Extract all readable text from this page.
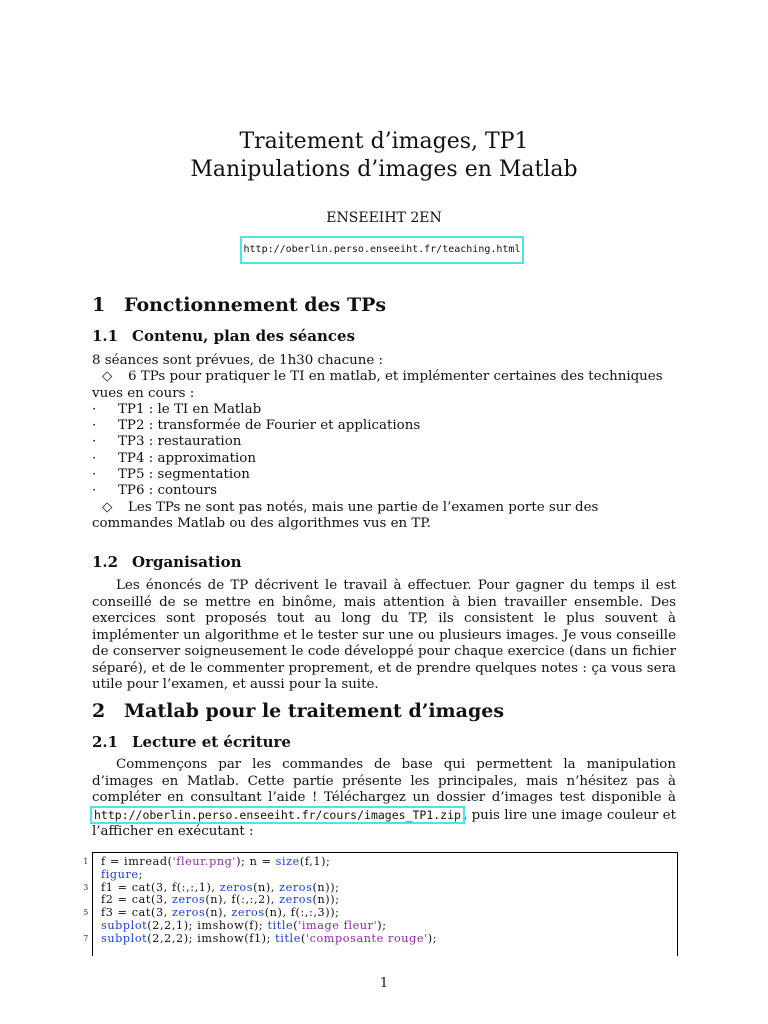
Traitement d’images, TP1
Manipulations d’images en Matlab
ENSEEIHT 2EN
http://oberlin.perso.enseeiht.fr/teaching.html
1 Fonctionnement des TPs
1.1 Contenu, plan des séances
8 séances sont prévues, de 1h30 chacune :
◇ 6 TPs pour pratiquer le TI en matlab, et implémenter certaines des techniques vues en cours :
· TP1 : le TI en Matlab
· TP2 : transformée de Fourier et applications
· TP3 : restauration
· TP4 : approximation
· TP5 : segmentation
· TP6 : contours
◇ Les TPs ne sont pas notés, mais une partie de l’examen porte sur des commandes Matlab ou des algorithmes vus en TP.
1.2 Organisation
Les énoncés de TP décrivent le travail à effectuer. Pour gagner du temps il est conseillé de se mettre en binôme, mais attention à bien travailler ensemble. Des exercices sont proposés tout au long du TP, ils consistent le plus souvent à implémenter un algorithme et le tester sur une ou plusieurs images. Je vous conseille de conserver soigneusement le code développé pour chaque exercice (dans un fichier séparé), et de le commenter proprement, et de prendre quelques notes : ça vous sera utile pour l’examen, et aussi pour la suite.
2 Matlab pour le traitement d’images
2.1 Lecture et écriture
Commençons par les commandes de base qui permettent la manipulation d’images en Matlab. Cette partie présente les principales, mais n’hésitez pas à compléter en consultant l’aide ! Téléchargez un dossier d’images test disponible à http://oberlin.perso.enseeiht.fr/cours/images_TP1.zip , puis lire une image couleur et l’afficher en exécutant :
1 f = imread('fleur.png'); n = size(f,1);
figure;
3 f1 = cat(3, f(:,:,1), zeros(n), zeros(n));
f2 = cat(3, zeros(n), f(:,:,2), zeros(n));
5 f3 = cat(3, zeros(n), zeros(n), f(:,:,3));
subplot(2,2,1); imshow(f); title('image fleur');
7 subplot(2,2,2); imshow(f1); title('composante rouge');
1
